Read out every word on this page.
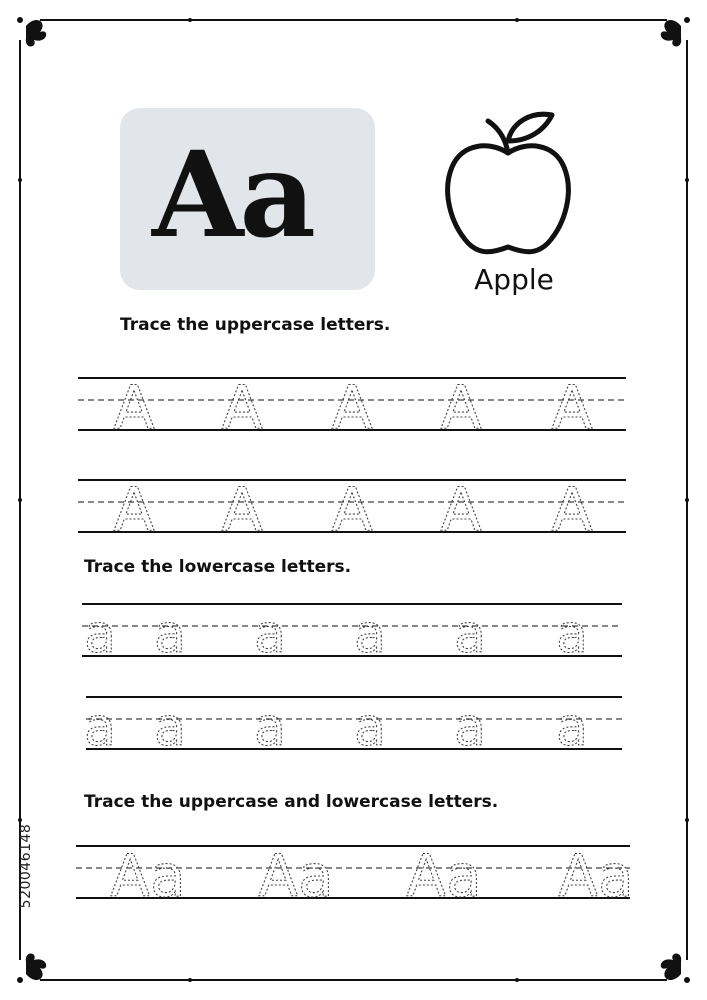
Aa
Apple
Trace the uppercase letters.
Trace the lowercase letters.
Trace the uppercase and lowercase letters.
A A A A A
A A A A A
a a a a a a
a a a a a a
Aa Aa Aa Aa
520046148
